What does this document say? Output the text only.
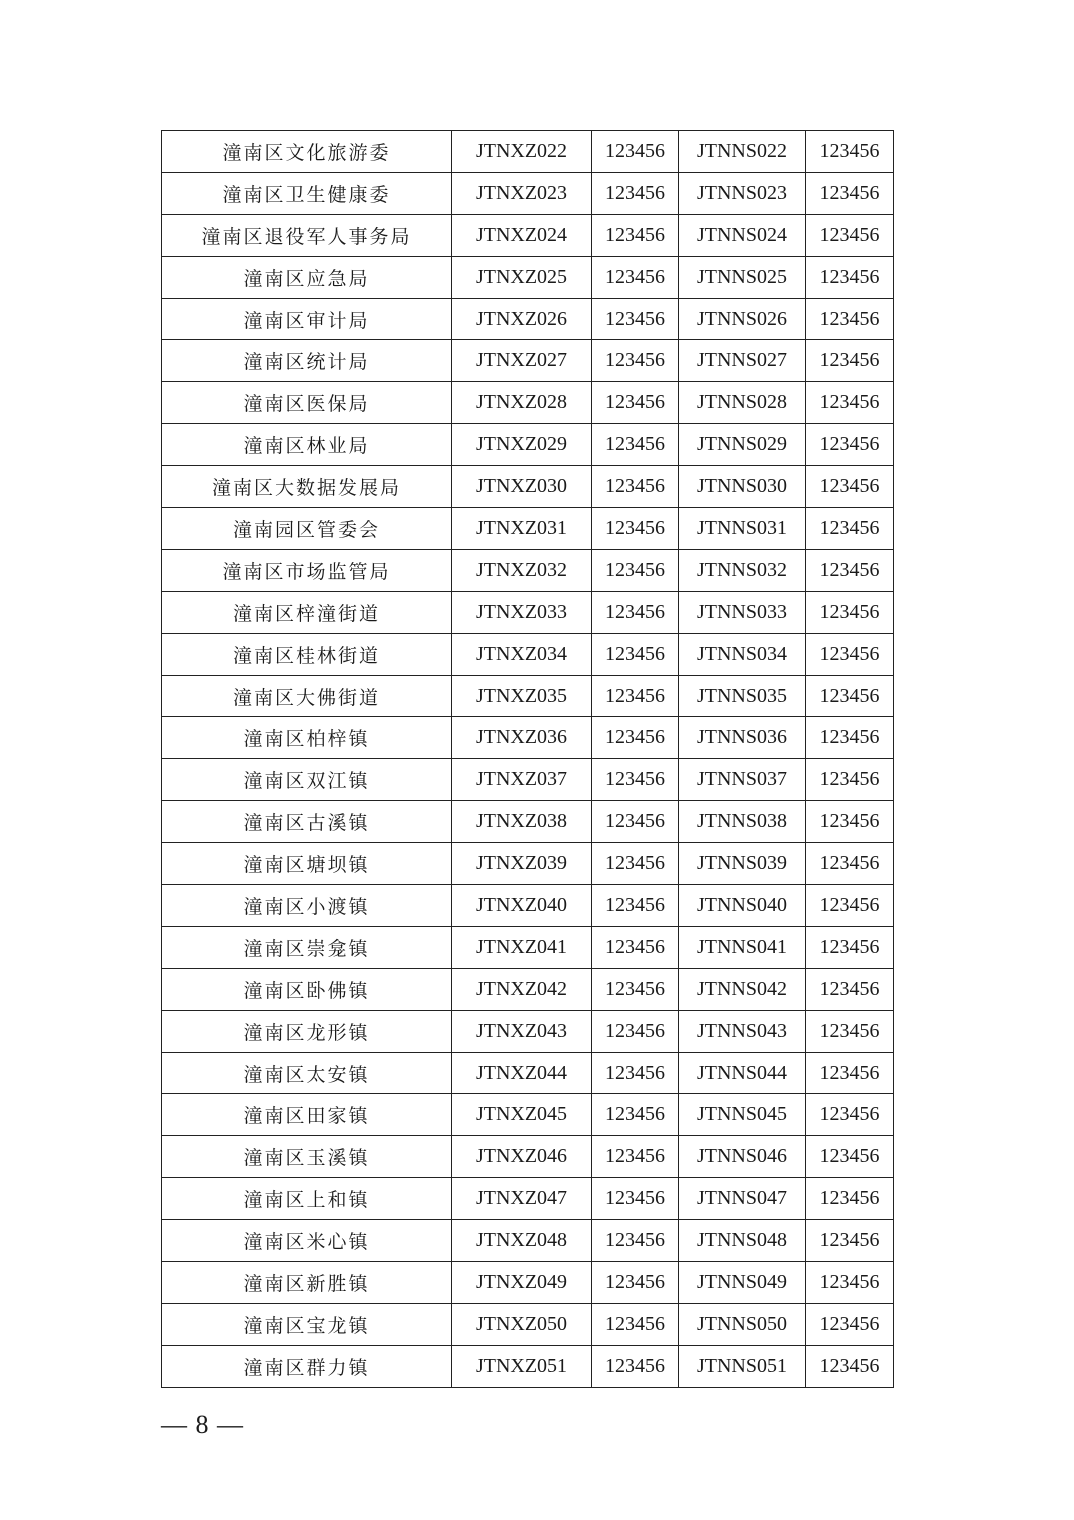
潼南区文化旅游委	JTNXZ022	123456	JTNNS022	123456
潼南区卫生健康委	JTNXZ023	123456	JTNNS023	123456
潼南区退役军人事务局	JTNXZ024	123456	JTNNS024	123456
潼南区应急局	JTNXZ025	123456	JTNNS025	123456
潼南区审计局	JTNXZ026	123456	JTNNS026	123456
潼南区统计局	JTNXZ027	123456	JTNNS027	123456
潼南区医保局	JTNXZ028	123456	JTNNS028	123456
潼南区林业局	JTNXZ029	123456	JTNNS029	123456
潼南区大数据发展局	JTNXZ030	123456	JTNNS030	123456
潼南园区管委会	JTNXZ031	123456	JTNNS031	123456
潼南区市场监管局	JTNXZ032	123456	JTNNS032	123456
潼南区梓潼街道	JTNXZ033	123456	JTNNS033	123456
潼南区桂林街道	JTNXZ034	123456	JTNNS034	123456
潼南区大佛街道	JTNXZ035	123456	JTNNS035	123456
潼南区柏梓镇	JTNXZ036	123456	JTNNS036	123456
潼南区双江镇	JTNXZ037	123456	JTNNS037	123456
潼南区古溪镇	JTNXZ038	123456	JTNNS038	123456
潼南区塘坝镇	JTNXZ039	123456	JTNNS039	123456
潼南区小渡镇	JTNXZ040	123456	JTNNS040	123456
潼南区崇龛镇	JTNXZ041	123456	JTNNS041	123456
潼南区卧佛镇	JTNXZ042	123456	JTNNS042	123456
潼南区龙形镇	JTNXZ043	123456	JTNNS043	123456
潼南区太安镇	JTNXZ044	123456	JTNNS044	123456
潼南区田家镇	JTNXZ045	123456	JTNNS045	123456
潼南区玉溪镇	JTNXZ046	123456	JTNNS046	123456
潼南区上和镇	JTNXZ047	123456	JTNNS047	123456
潼南区米心镇	JTNXZ048	123456	JTNNS048	123456
潼南区新胜镇	JTNXZ049	123456	JTNNS049	123456
潼南区宝龙镇	JTNXZ050	123456	JTNNS050	123456
潼南区群力镇	JTNXZ051	123456	JTNNS051	123456
— 8 —
